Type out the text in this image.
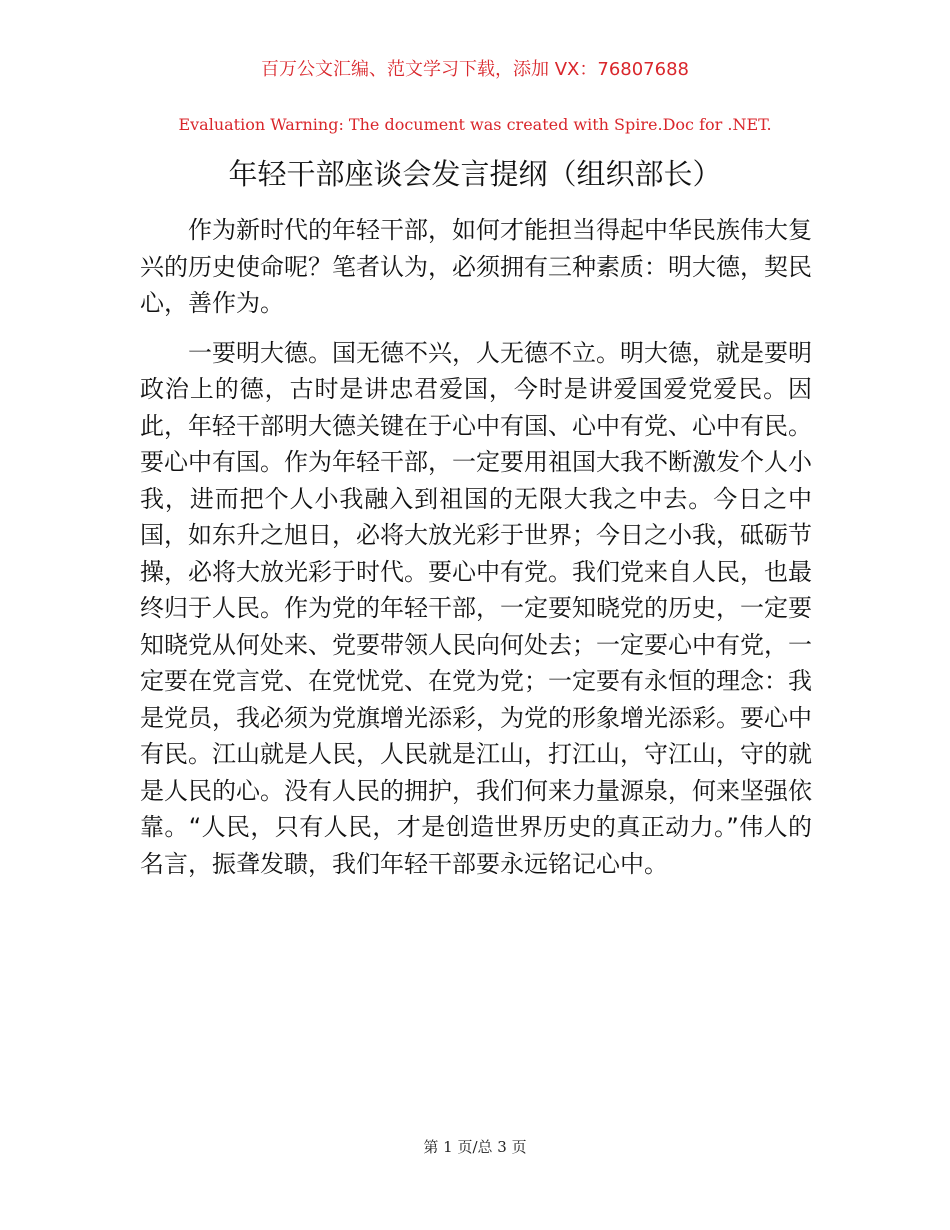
百万公文汇编、范文学习下载，添加 VX：76807688
Evaluation Warning: The document was created with Spire.Doc for .NET.
年轻干部座谈会发言提纲（组织部长）

作为新时代的年轻干部，如何才能担当得起中华民族伟大复兴的历史使命呢？笔者认为，必须拥有三种素质：明大德，契民心，善作为。

一要明大德。国无德不兴，人无德不立。明大德，就是要明政治上的德，古时是讲忠君爱国，今时是讲爱国爱党爱民。因此，年轻干部明大德关键在于心中有国、心中有党、心中有民。要心中有国。作为年轻干部，一定要用祖国大我不断激发个人小我，进而把个人小我融入到祖国的无限大我之中去。今日之中国，如东升之旭日，必将大放光彩于世界；今日之小我，砥砺节操，必将大放光彩于时代。要心中有党。我们党来自人民，也最终归于人民。作为党的年轻干部，一定要知晓党的历史，一定要知晓党从何处来、党要带领人民向何处去；一定要心中有党，一定要在党言党、在党忧党、在党为党；一定要有永恒的理念：我是党员，我必须为党旗增光添彩，为党的形象增光添彩。要心中有民。江山就是人民，人民就是江山，打江山，守江山，守的就是人民的心。没有人民的拥护，我们何来力量源泉，何来坚强依靠。“人民，只有人民，才是创造世界历史的真正动力。”伟人的名言，振聋发聩，我们年轻干部要永远铭记心中。

第 1 页/总 3 页
